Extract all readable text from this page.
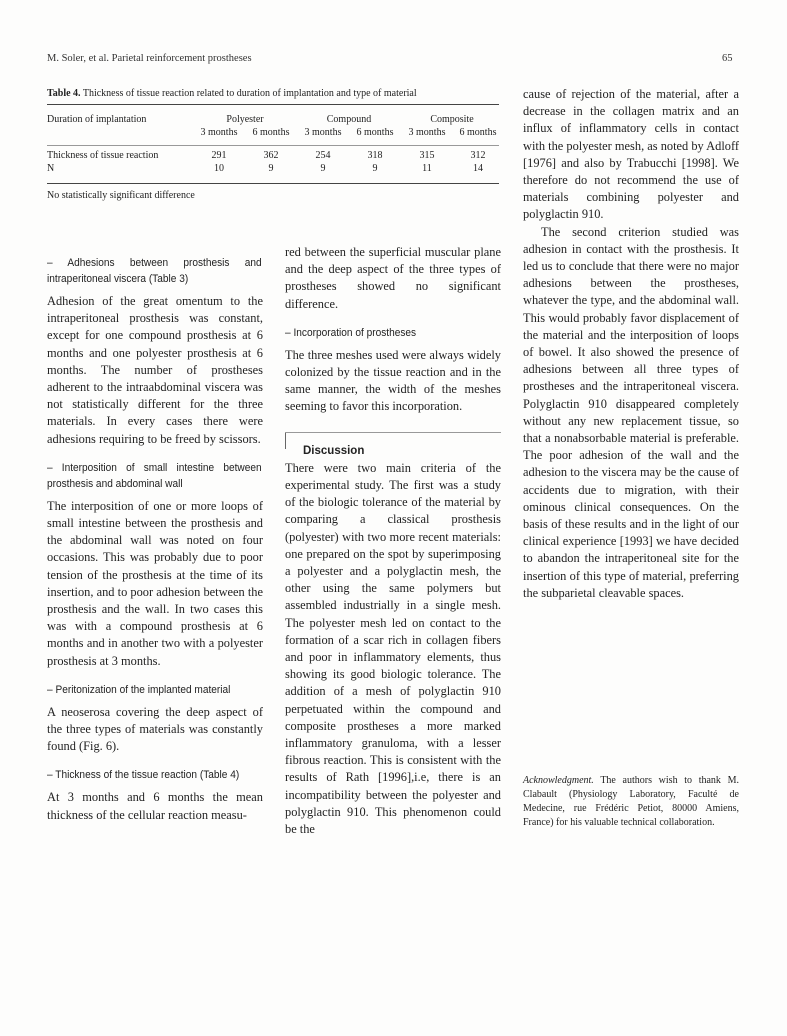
M. Soler, et al. Parietal reinforcement prostheses	65
Table 4. Thickness of tissue reaction related to duration of implantation and type of material
Duration of implantation	Polyester		Compound		Composite	
	3 months	6 months	3 months	6 months	3 months	6 months

Thickness of tissue reaction	291	362	254	318	315	312
N	10	9	9	9	11	14
No statistically significant difference
– Adhesions between prosthesis and intraperitoneal viscera (Table 3)

Adhesion of the great omentum to the intraperitoneal prosthesis was constant, except for one compound prosthesis at 6 months and one polyester prosthesis at 6 months. The number of prostheses adherent to the intraabdominal viscera was not statistically different for the three materials. In every cases there were adhesions requiring to be freed by scissors.

– Interposition of small intestine between prosthesis and abdominal wall

The interposition of one or more loops of small intestine between the prosthesis and the abdominal wall was noted on four occasions. This was probably due to poor tension of the prosthesis at the time of its insertion, and to poor adhesion between the prosthesis and the wall. In two cases this was with a compound prosthesis at 6 months and in another two with a polyester prosthesis at 3 months.

– Peritonization of the implanted material

A neoserosa covering the deep aspect of the three types of materials was constantly found (Fig. 6).

– Thickness of the tissue reaction (Table 4)

At 3 months and 6 months the mean thickness of the cellular reaction measu-

red between the superficial muscular plane and the deep aspect of the three types of prostheses showed no significant difference.

– Incorporation of prostheses

The three meshes used were always widely colonized by the tissue reaction and in the same manner, the width of the meshes seeming to favor this incorporation.

Discussion

There were two main criteria of the experimental study. The first was a study of the biologic tolerance of the material by comparing a classical prosthesis (polyester) with two more recent materials: one prepared on the spot by superimposing a polyester and a polyglactin mesh, the other using the same polymers but assembled industrially in a single mesh. The polyester mesh led on contact to the formation of a scar rich in collagen fibers and poor in inflammatory elements, thus showing its good biologic tolerance. The addition of a mesh of polyglactin 910 perpetuated within the compound and composite prostheses a more marked inflammatory granuloma, with a lesser fibrous reaction. This is consistent with the results of Rath [1996],i.e, there is an incompatibility between the polyester and polyglactin 910. This phenomenon could be the

cause of rejection of the material, after a decrease in the collagen matrix and an influx of inflammatory cells in contact with the polyester mesh, as noted by Adloff [1976] and also by Trabucchi [1998]. We therefore do not recommend the use of materials combining polyester and polyglactin 910.

The second criterion studied was adhesion in contact with the prosthesis. It led us to conclude that there were no major adhesions between the prostheses, whatever the type, and the abdominal wall. This would probably favor displacement of the material and the interposition of loops of bowel. It also showed the presence of adhesions between all three types of prostheses and the intraperitoneal viscera. Polyglactin 910 disappeared completely without any new replacement tissue, so that a nonabsorbable material is preferable. The poor adhesion of the wall and the adhesion to the viscera may be the cause of accidents due to migration, with their ominous clinical consequences. On the basis of these results and in the light of our clinical experience [1993] we have decided to abandon the intraperitoneal site for the insertion of this type of material, preferring the subparietal cleavable spaces.

Acknowledgment. The authors wish to thank M. Clabault (Physiology Laboratory, Faculté de Medecine, rue Frédéric Petiot, 80000 Amiens, France) for his valuable technical collaboration.
